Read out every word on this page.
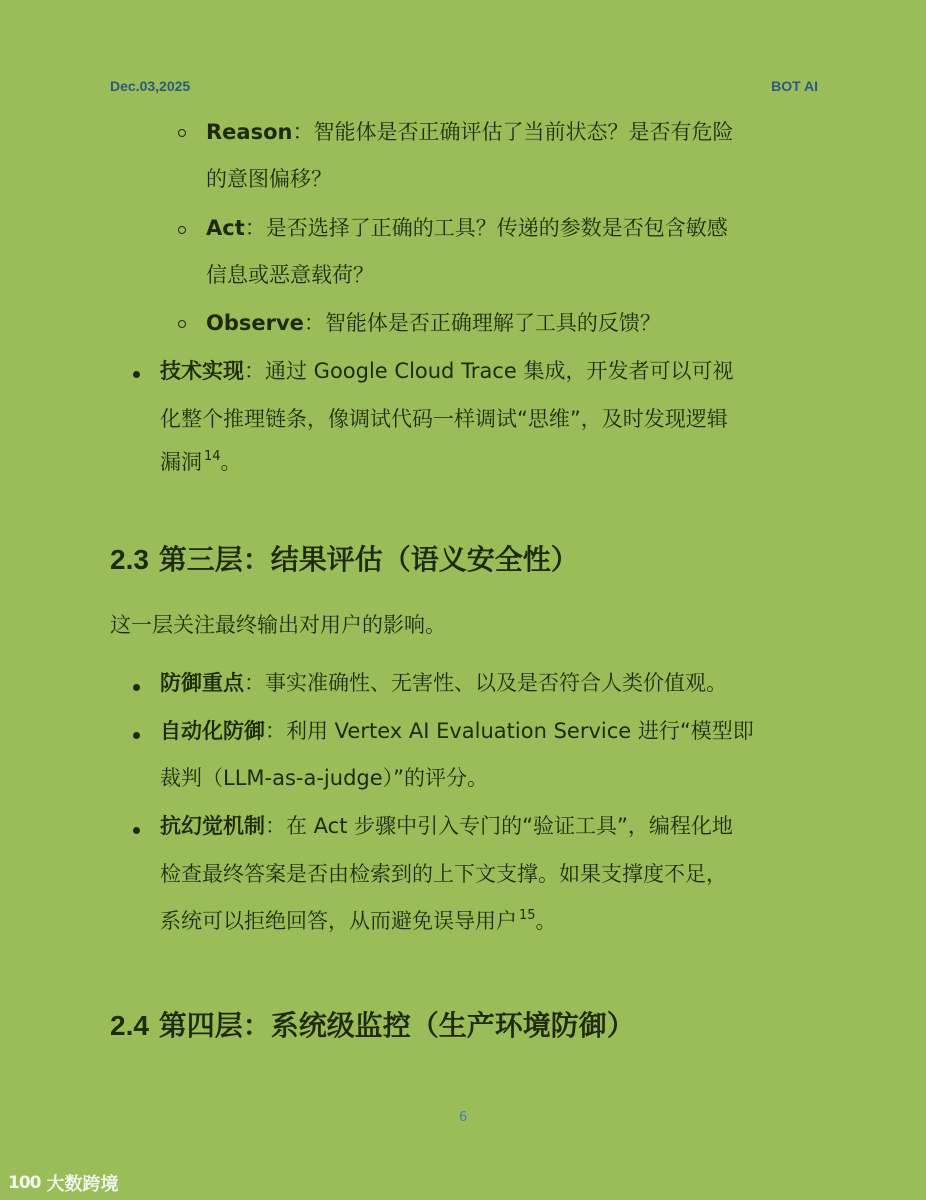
Dec.03,2025	BOT AI
Reason：智能体是否正确评估了当前状态？是否有危险
的意图偏移？
Act：是否选择了正确的工具？传递的参数是否包含敏感
信息或恶意载荷？
Observe：智能体是否正确理解了工具的反馈？
技术实现：通过 Google Cloud Trace 集成，开发者可以可视
化整个推理链条，像调试代码一样调试“思维”，及时发现逻辑
漏洞 $^{14}$。
2.3 第三层：结果评估（语义安全性）
这一层关注最终输出对用户的影响。
防御重点：事实准确性、无害性、以及是否符合人类价值观。
自动化防御：利用 Vertex AI Evaluation Service 进行“模型即
裁判（LLM-as-a-judge）”的评分。
抗幻觉机制：在 Act 步骤中引入专门的“验证工具”，编程化地
检查最终答案是否由检索到的上下文支撑。如果支撑度不足，
系统可以拒绝回答，从而避免误导用户 $^{15}$。
2.4 第四层：系统级监控（生产环境防御）
6
100 大数跨境
